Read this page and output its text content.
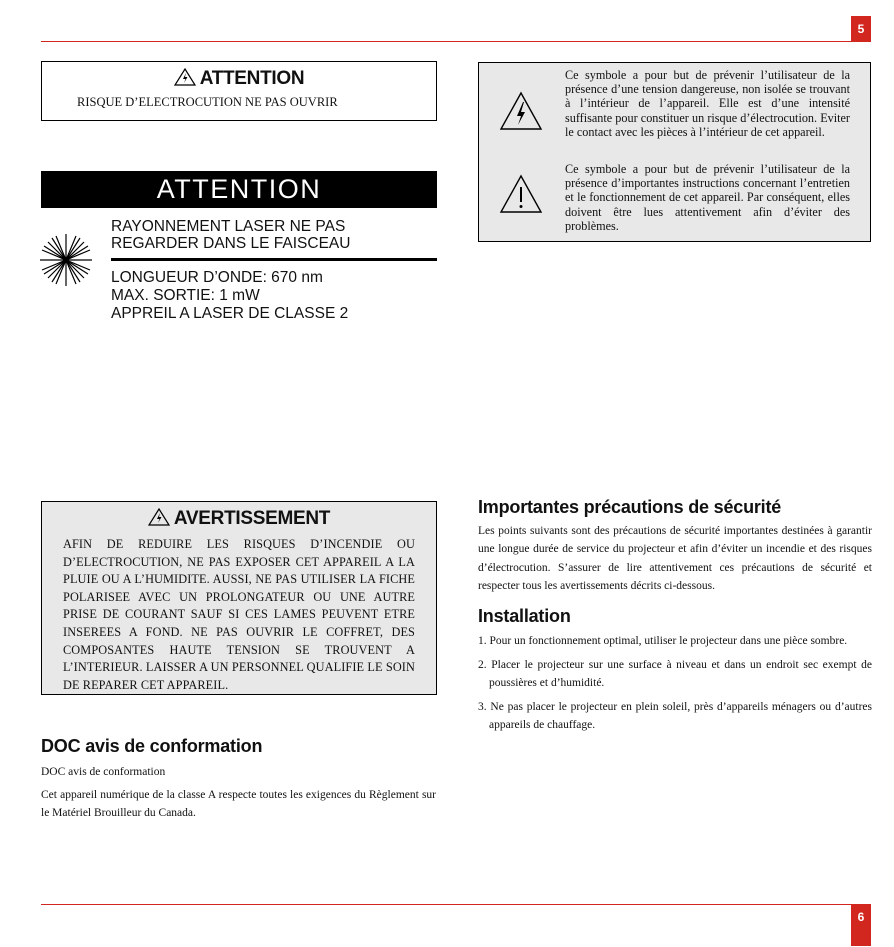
5
ATTENTION
RISQUE D’ELECTROCUTION NE PAS OUVRIR
Ce symbole a pour but de prévenir l’utilisateur de la présence d’une tension dangereuse, non isolée se trouvant à l’intérieur de l’appareil. Elle est d’une intensité suffisante pour constituer un risque d’électrocution. Eviter le contact avec les pièces à l’intérieur de cet appareil.
Ce symbole a pour but de prévenir l’utilisateur de la présence d’importantes instructions concernant l’entretien et le fonctionnement de cet appareil. Par conséquent, elles doivent être lues attentivement afin d’éviter des problèmes.
ATTENTION
RAYONNEMENT LASER NE PAS
REGARDER DANS LE FAISCEAU
LONGUEUR D’ONDE: 670 nm
MAX. SORTIE: 1 mW
APPREIL A LASER DE CLASSE 2
AVERTISSEMENT
AFIN DE REDUIRE LES RISQUES D’INCENDIE OU D’ELECTROCUTION, NE PAS EXPOSER CET APPAREIL A LA PLUIE OU A L’HUMIDITE. AUSSI, NE PAS UTILISER LA FICHE POLARISEE AVEC UN PROLONGATEUR OU UNE AUTRE PRISE DE COURANT SAUF SI CES LAMES PEUVENT ETRE INSEREES A FOND. NE PAS OUVRIR LE COFFRET, DES COMPOSANTES HAUTE TENSION SE TROUVENT A L’INTERIEUR. LAISSER A UN PERSONNEL QUALIFIE LE SOIN DE REPARER CET APPAREIL.
DOC avis de conformation
DOC avis de conformation
Cet appareil numérique de la classe A respecte toutes les exigences du Règlement sur le Matériel Brouilleur du Canada.
Importantes précautions de sécurité
Les points suivants sont des précautions de sécurité importantes destinées à garantir une longue durée de service du projecteur et afin d’éviter un incendie et des risques d’électrocution. S’assurer de lire attentivement ces précautions de sécurité et respecter tous les avertissements décrits ci-dessous.
Installation
1. Pour un fonctionnement optimal, utiliser le projecteur dans une pièce sombre.
2. Placer le projecteur sur une surface à niveau et dans un endroit sec exempt de poussières et d’humidité.
3. Ne pas placer le projecteur en plein soleil, près d’appareils ménagers ou d’autres appareils de chauffage.
6
